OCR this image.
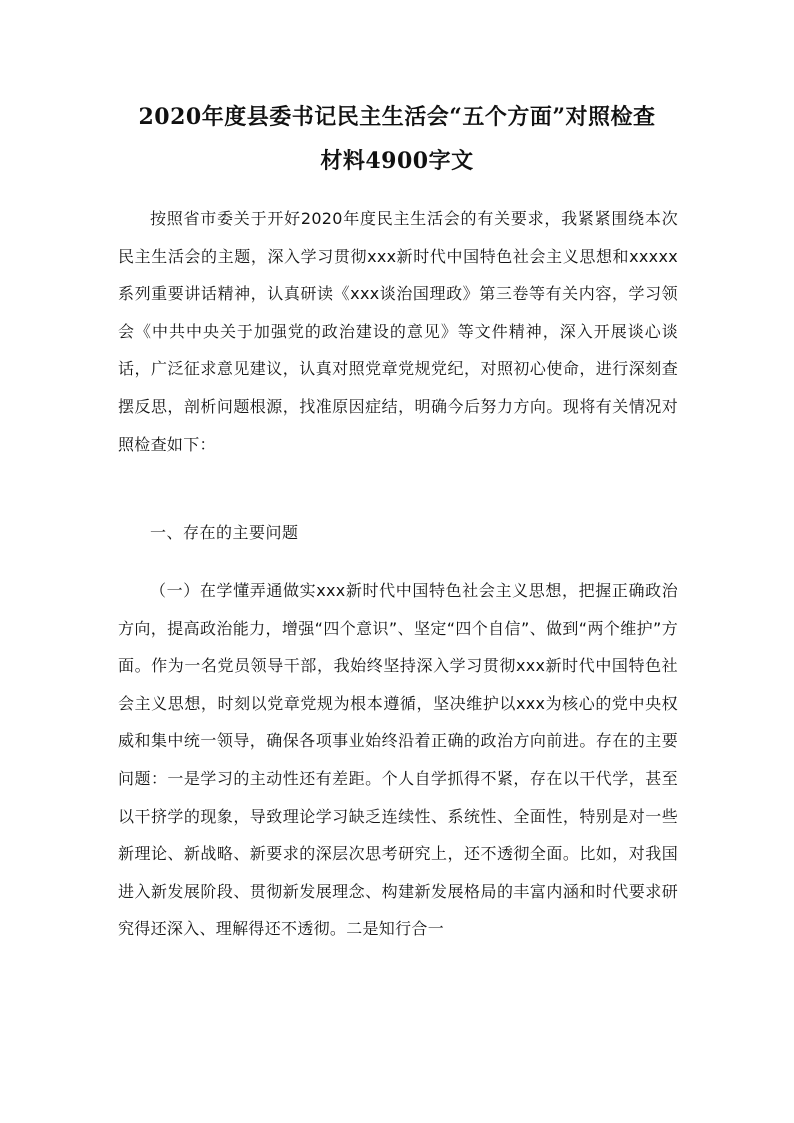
2020年度县委书记民主生活会“五个方面”对照检查
材料4900字文
按照省市委关于开好2020年度民主生活会的有关要求，我紧紧围绕本次民主生活会的主题，深入学习贯彻xxx新时代中国特色社会主义思想和xxxxx系列重要讲话精神，认真研读《xxx谈治国理政》第三卷等有关内容，学习领会《中共中央关于加强党的政治建设的意见》等文件精神，深入开展谈心谈话，广泛征求意见建议，认真对照党章党规党纪，对照初心使命，进行深刻查摆反思，剖析问题根源，找准原因症结，明确今后努力方向。现将有关情况对照检查如下：
一、存在的主要问题
（一）在学懂弄通做实xxx新时代中国特色社会主义思想，把握正确政治方向，提高政治能力，增强“四个意识”、坚定“四个自信”、做到“两个维护”方面。作为一名党员领导干部，我始终坚持深入学习贯彻xxx新时代中国特色社会主义思想，时刻以党章党规为根本遵循，坚决维护以xxx为核心的党中央权威和集中统一领导，确保各项事业始终沿着正确的政治方向前进。存在的主要问题：一是学习的主动性还有差距。个人自学抓得不紧，存在以干代学，甚至以干挤学的现象，导致理论学习缺乏连续性、系统性、全面性，特别是对一些新理论、新战略、新要求的深层次思考研究上，还不透彻全面。比如，对我国进入新发展阶段、贯彻新发展理念、构建新发展格局的丰富内涵和时代要求研究得还深入、理解得还不透彻。二是知行合一
